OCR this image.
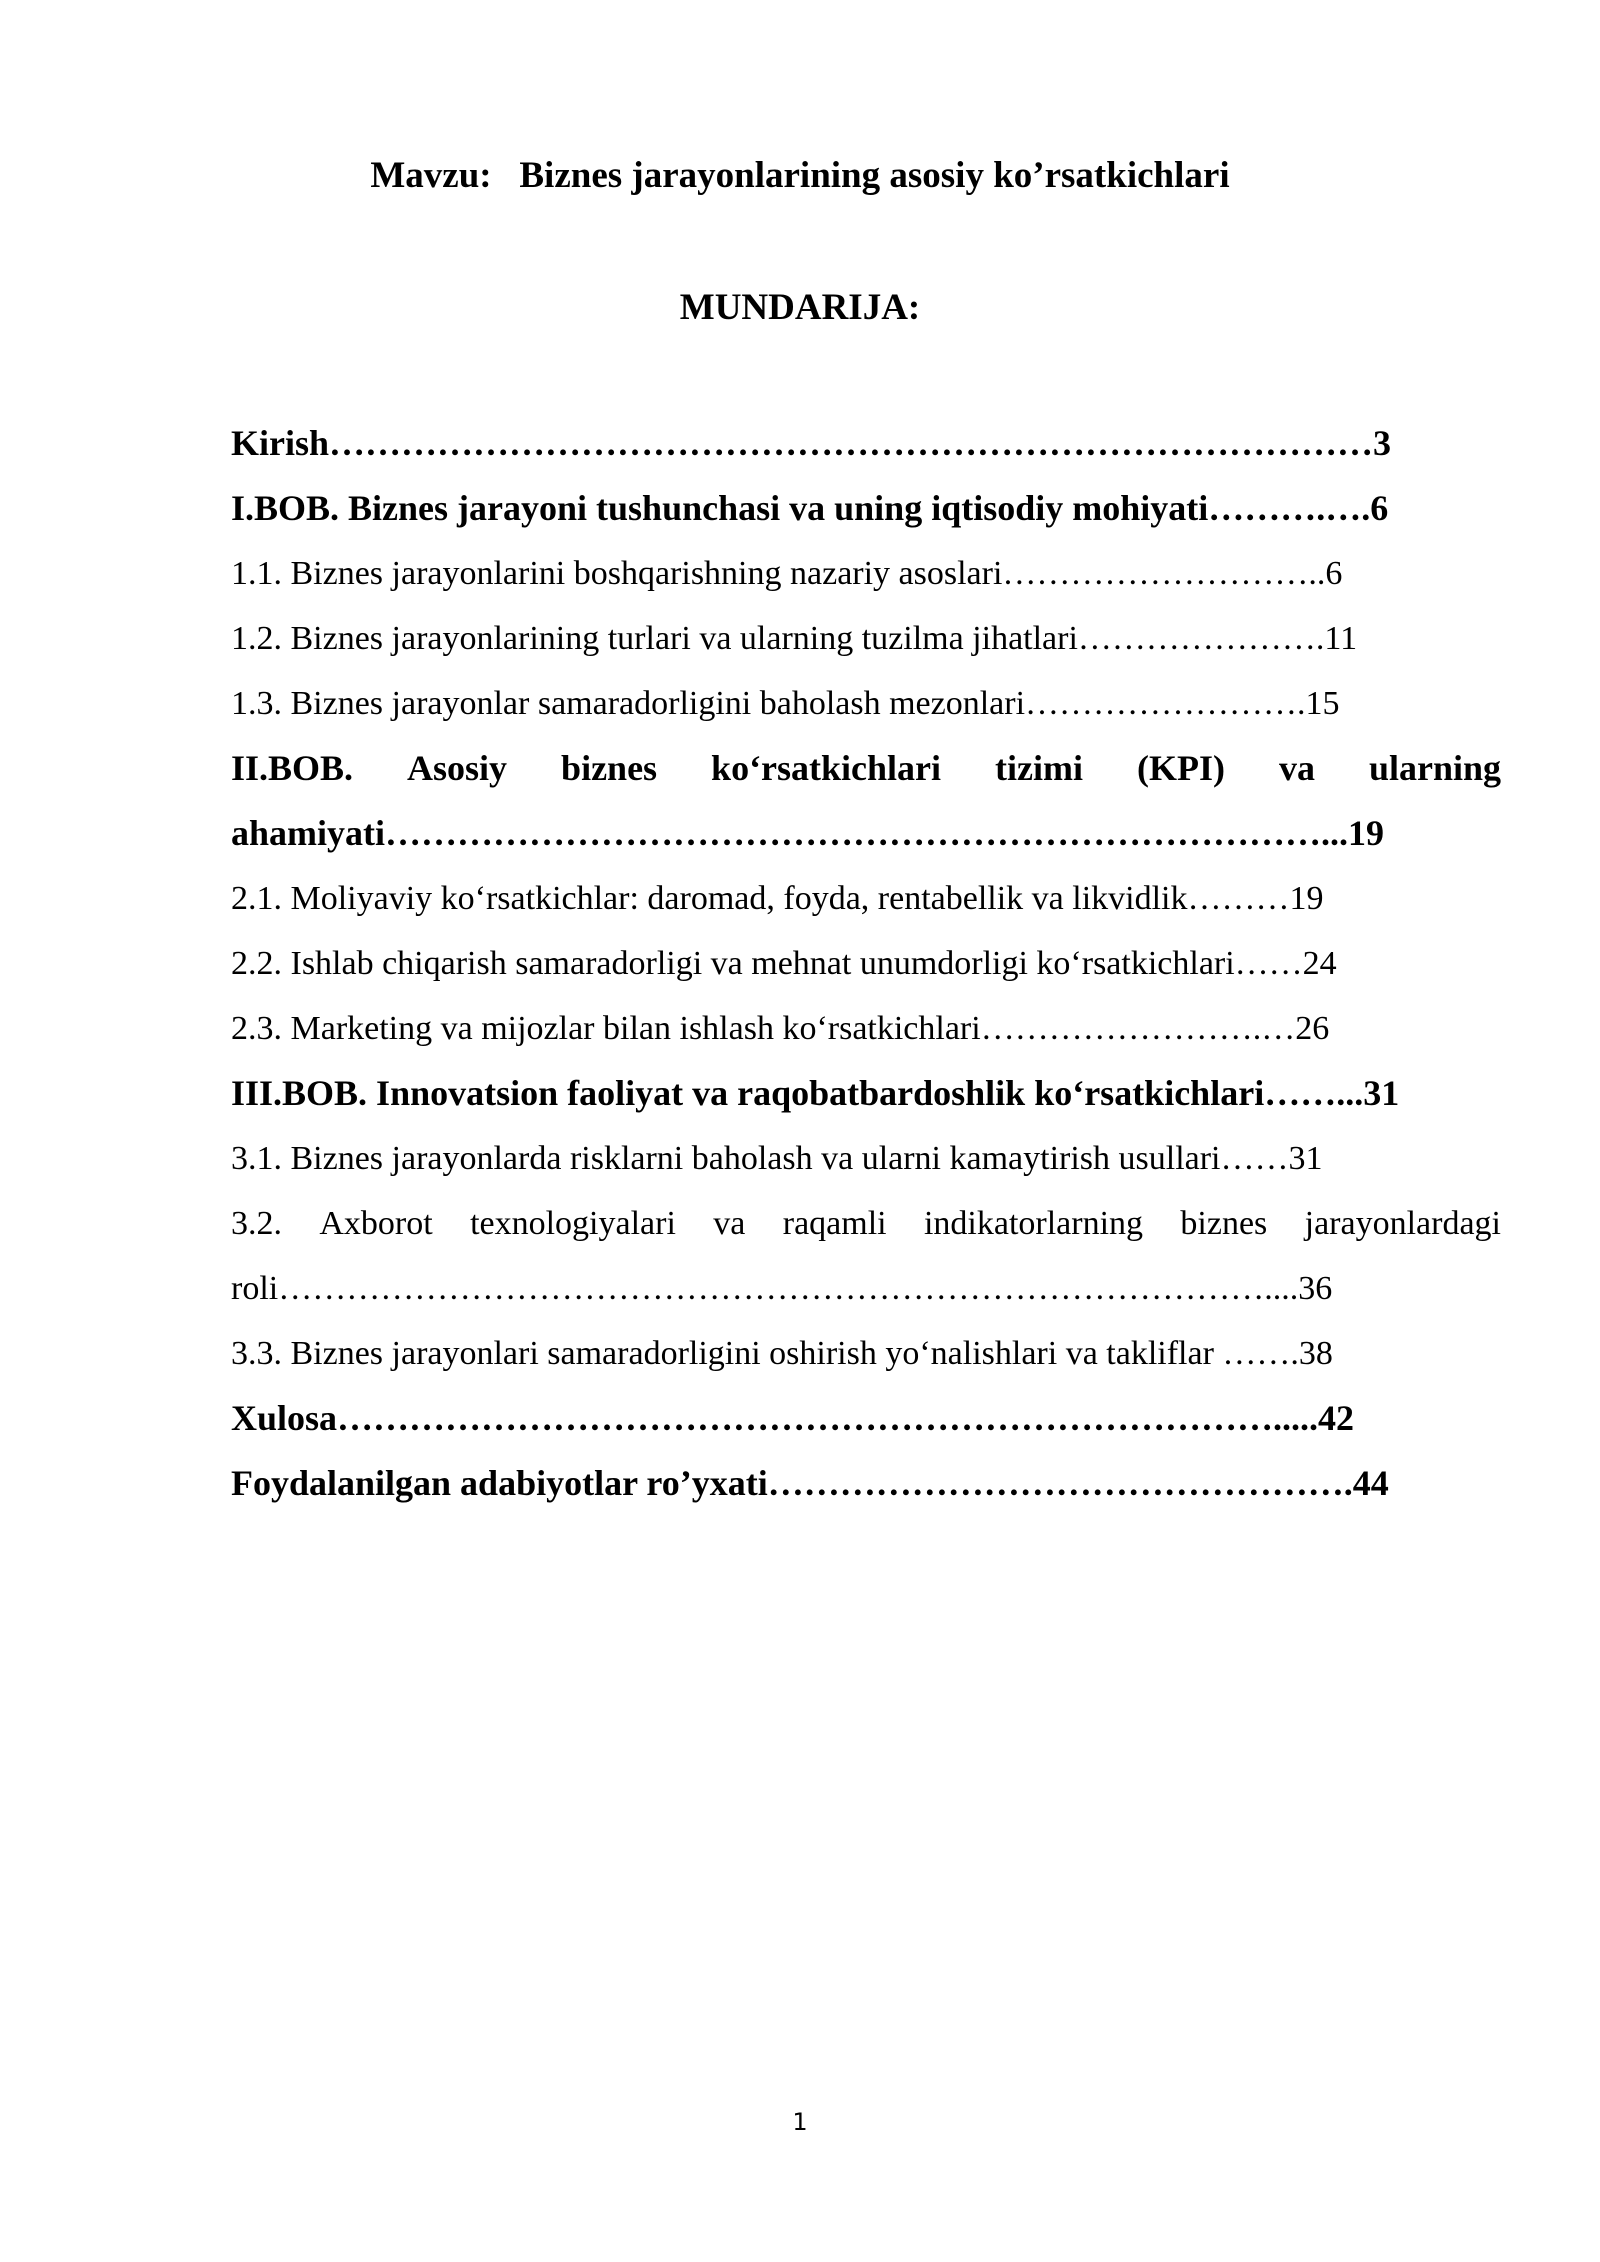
Mavzu:   Biznes jarayonlarining asosiy ko’rsatkichlari
MUNDARIJA:
Kirish……………………………………………………………………………3
I.BOB. Biznes jarayoni tushunchasi va uning iqtisodiy mohiyati……….….6
1.1. Biznes jarayonlarini boshqarishning nazariy asoslari………………………..6
1.2. Biznes jarayonlarining turlari va ularning tuzilma jihatlari………………….11
1.3. Biznes jarayonlar samaradorligini baholash mezonlari…………………….15
II.BOB. Asosiy biznes ko‘rsatkichlari tizimi (KPI) va ularning
ahamiyati……………………………………………………………………...19
2.1. Moliyaviy ko‘rsatkichlar: daromad, foyda, rentabellik va likvidlik………19
2.2. Ishlab chiqarish samaradorligi va mehnat unumdorligi ko‘rsatkichlari……24
2.3. Marketing va mijozlar bilan ishlash ko‘rsatkichlari…………………….…26
III.BOB. Innovatsion faoliyat va raqobatbardoshlik ko‘rsatkichlari……...31
3.1. Biznes jarayonlarda risklarni baholash va ularni kamaytirish usullari……31
3.2. Axborot texnologiyalari va raqamli indikatorlarning biznes jarayonlardagi
roli……………………………………………………………………………....36
3.3. Biznes jarayonlari samaradorligini oshirish yo‘nalishlari va takliflar …….38
Xulosa…………………………………………………………………….....42
Foydalanilgan adabiyotlar ro’yxati………………………………………….44
1
